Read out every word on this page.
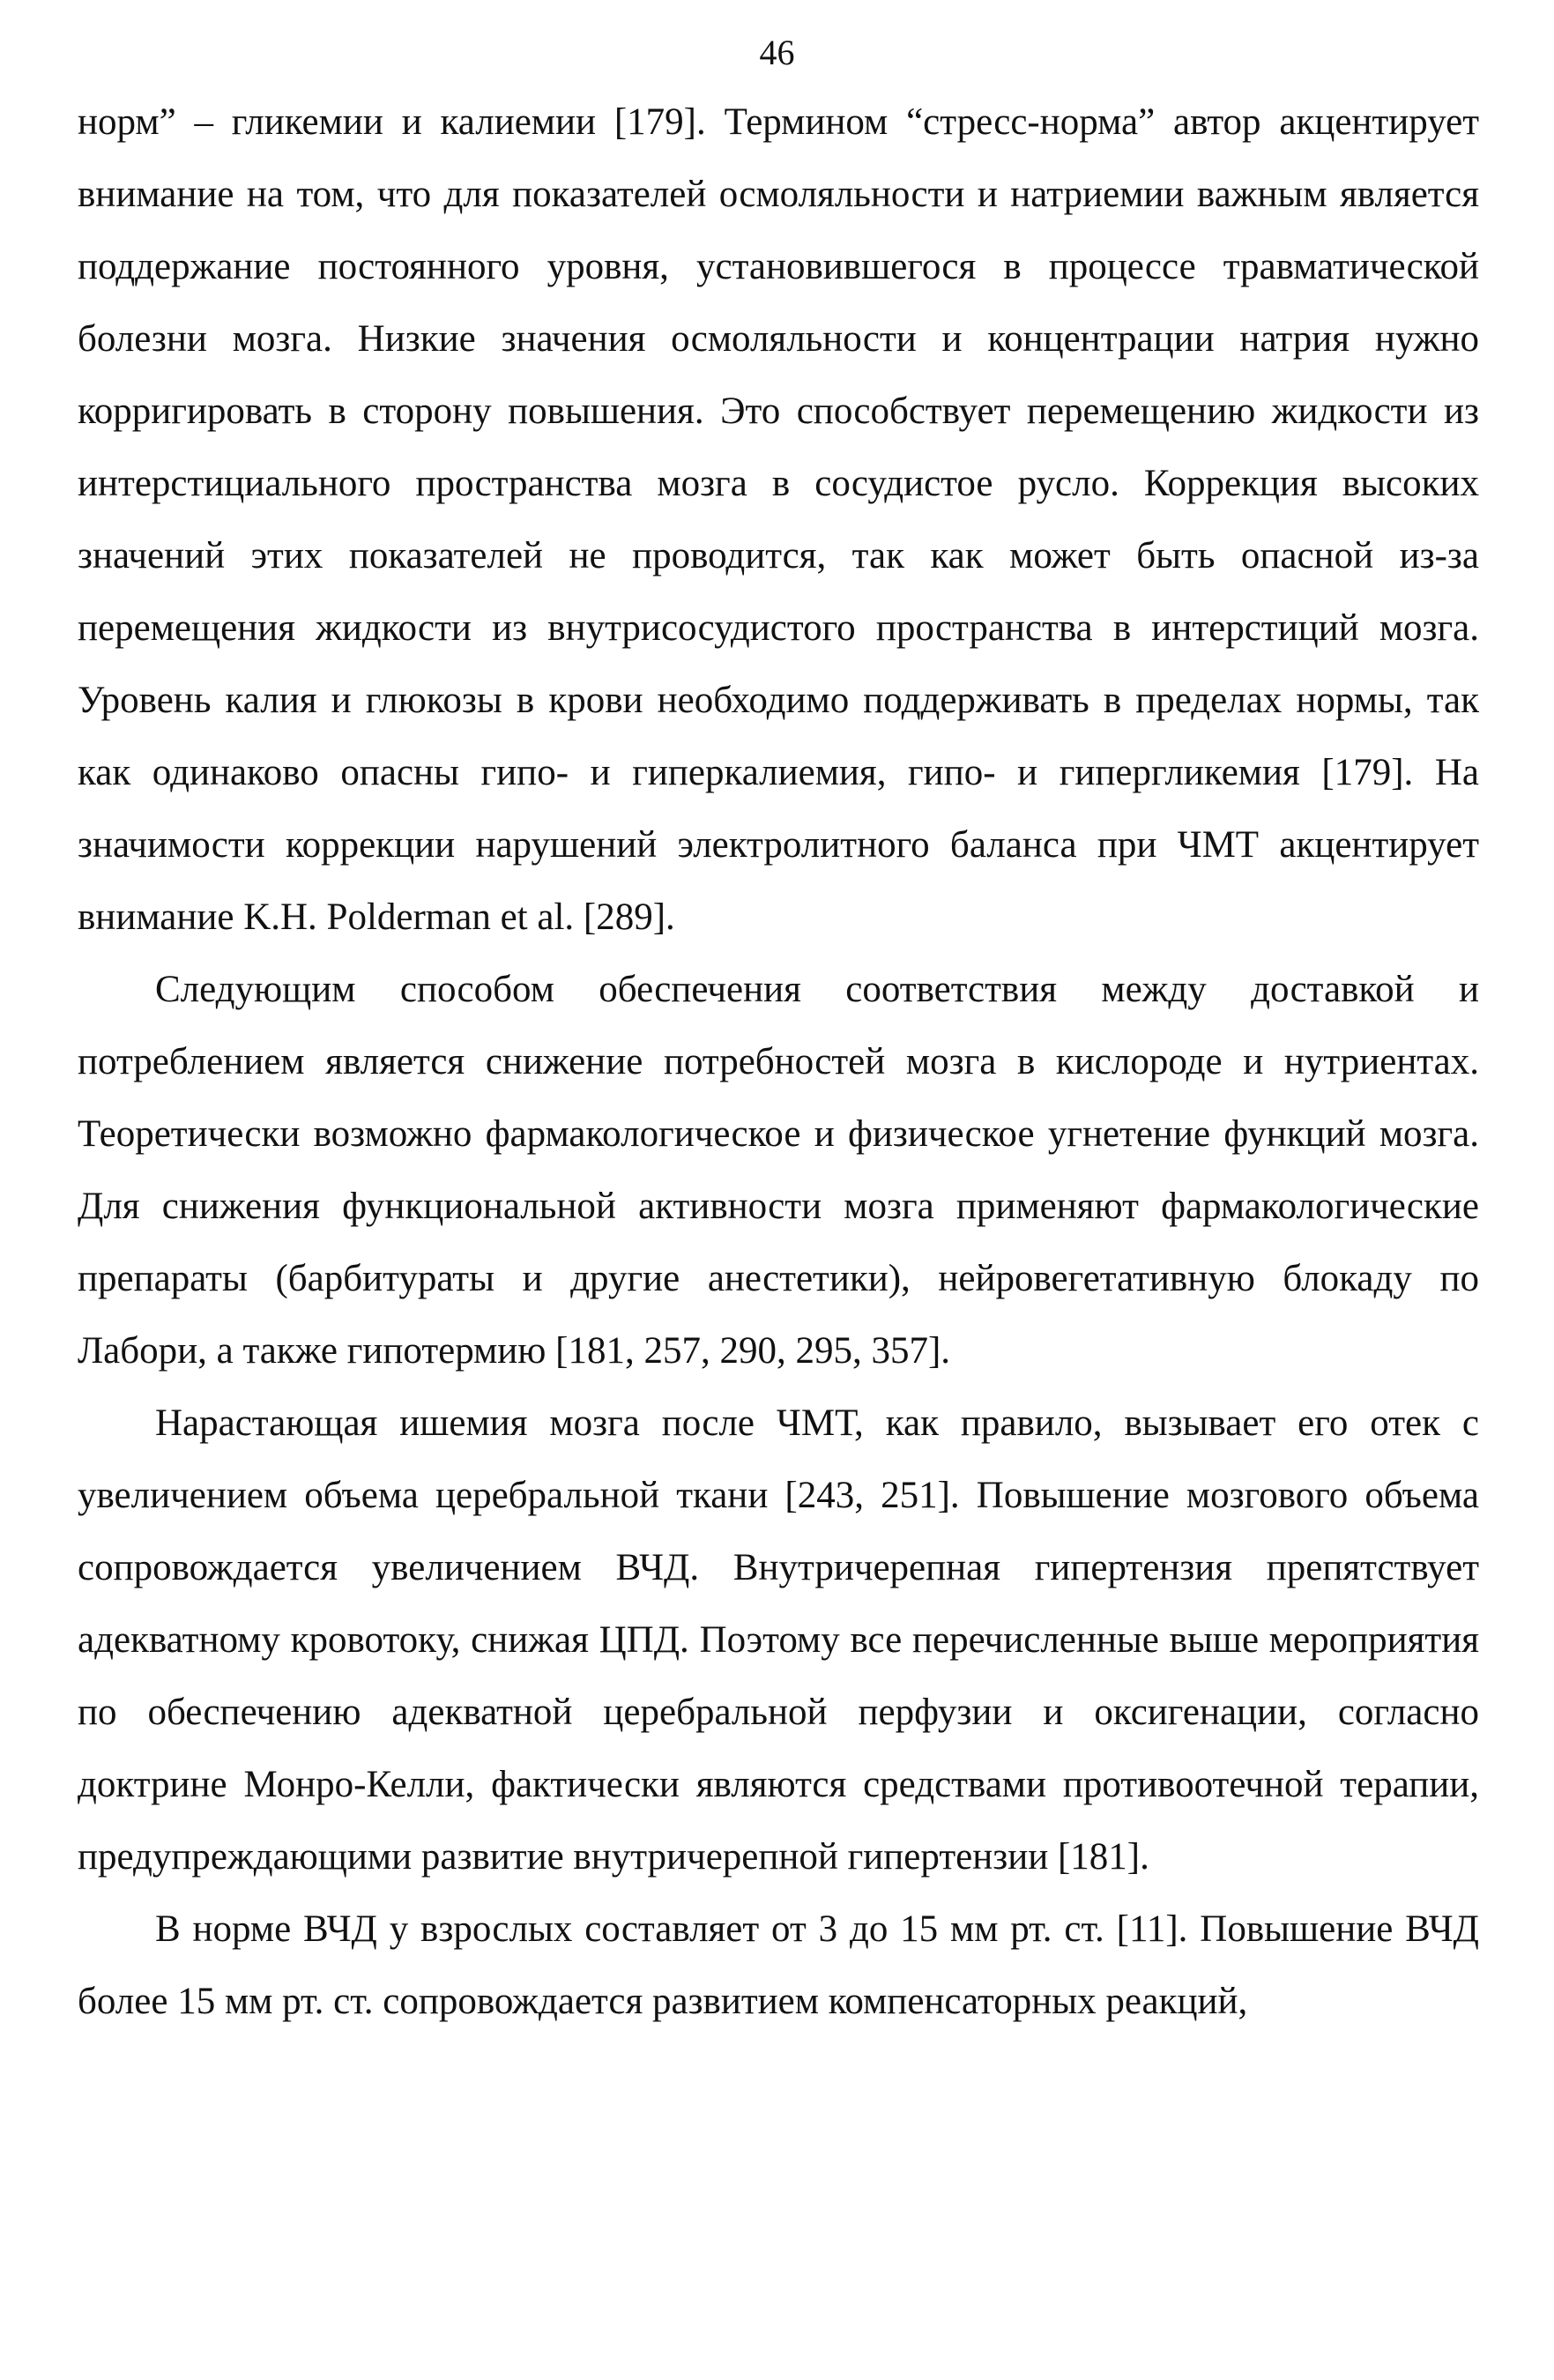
46

норм” – гликемии и калиемии [179]. Термином “стресс-норма” автор акцентирует внимание на том, что для показателей осмоляльности и натриемии важным является поддержание постоянного уровня, установившегося в процессе травматической болезни мозга. Низкие значения осмоляльности и концентрации натрия нужно корригировать в сторону повышения. Это способствует перемещению жидкости из интерстициального пространства мозга в сосудистое русло. Коррекция высоких значений этих показателей не проводится, так как может быть опасной из-за перемещения жидкости из внутрисосудистого пространства в интерстиций мозга. Уровень калия и глюкозы в крови необходимо поддерживать в пределах нормы, так как одинаково опасны гипо- и гиперкалиемия, гипо- и гипергликемия [179]. На значимости коррекции нарушений электролитного баланса при ЧМТ акцентирует внимание K.H. Polderman et al. [289].

Следующим способом обеспечения соответствия между доставкой и потреблением является снижение потребностей мозга в кислороде и нутриентах. Теоретически возможно фармакологическое и физическое угнетение функций мозга. Для снижения функциональной активности мозга применяют фармакологические препараты (барбитураты и другие анестетики), нейровегетативную блокаду по Лабори, а также гипотермию [181, 257, 290, 295, 357].

Нарастающая ишемия мозга после ЧМТ, как правило, вызывает его отек с увеличением объема церебральной ткани [243, 251]. Повышение мозгового объема сопровождается увеличением ВЧД. Внутричерепная гипертензия препятствует адекватному кровотоку, снижая ЦПД. Поэтому все перечисленные выше мероприятия по обеспечению адекватной церебральной перфузии и оксигенации, согласно доктрине Монро-Келли, фактически являются средствами противоотечной терапии, предупреждающими развитие внутричерепной гипертензии [181].

В норме ВЧД у взрослых составляет от 3 до 15 мм рт. ст. [11]. Повышение ВЧД более 15 мм рт. ст. сопровождается развитием компенсаторных реакций,
